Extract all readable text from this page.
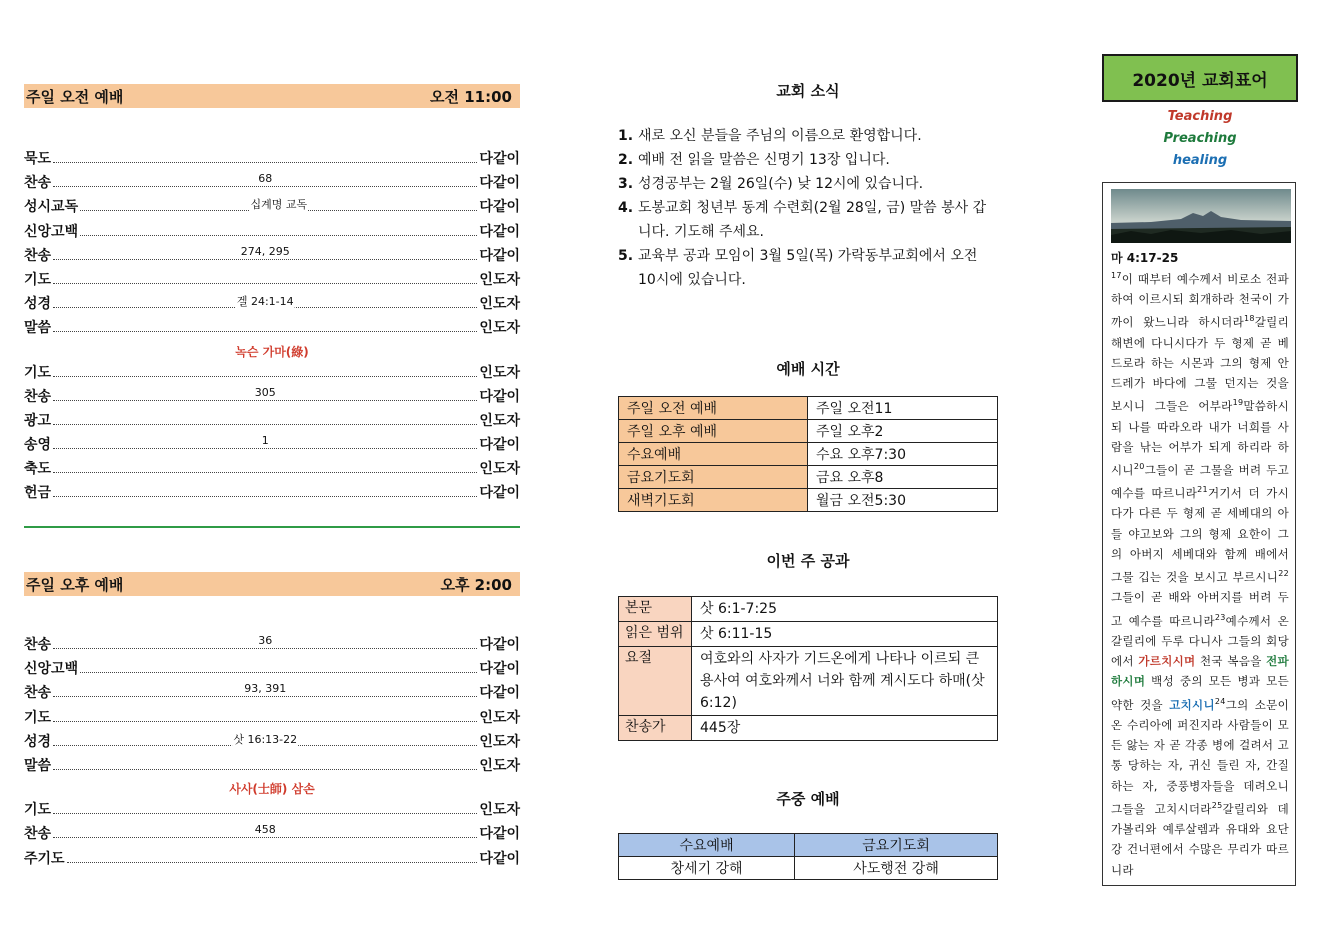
주일 오전 예배	오전 11:00
묵도	다같이
찬송	68	다같이
성시교독	십계명 교독	다같이
신앙고백	다같이
찬송	274, 295	다같이
기도	인도자
성경	겔 24:1-14	인도자
말씀	인도자
녹슨 가마(綠)
기도	인도자
찬송	305	다같이
광고	인도자
송영	1	다같이
축도	인도자
헌금	다같이
주일 오후 예배	오후 2:00
찬송	36	다같이
신앙고백	다같이
찬송	93, 391	다같이
기도	인도자
성경	삿 16:13-22	인도자
말씀	인도자
사사(士師) 삼손
기도	인도자
찬송	458	다같이
주기도	다같이
교회 소식
1. 새로 오신 분들을 주님의 이름으로 환영합니다.
2. 예배 전 읽을 말씀은 신명기 13장 입니다.
3. 성경공부는 2월 26일(수) 낮 12시에 있습니다.
4. 도봉교회 청년부 동계 수련회(2월 28일, 금) 말씀 봉사 갑니다. 기도해 주세요.
5. 교육부 공과 모임이 3월 5일(목) 가락동부교회에서 오전 10시에 있습니다.
예배 시간
주일 오전 예배	주일 오전11
주일 오후 예배	주일 오후2
수요예배	수요 오후7:30
금요기도회	금요 오후8
새벽기도회	월금 오전5:30
이번 주 공과
본문	삿 6:1-7:25
읽은 범위	삿 6:11-15
요절	여호와의 사자가 기드온에게 나타나 이르되 큰 용사여 여호와께서 너와 함께 계시도다 하매(삿 6:12)
찬송가	445장
주중 예배
수요예배	금요기도회
창세기 강해	사도행전 강해
2020년 교회표어
Teaching
Preaching
healing
마 4:17-25
$^{17}$이 때부터 예수께서 비로소 전파하여 이르시되 회개하라 천국이 가까이 왔느니라 하시더라$^{18}$갈릴리 해변에 다니시다가 두 형제 곧 베드로라 하는 시몬과 그의 형제 안드레가 바다에 그물 던지는 것을 보시니 그들은 어부라$^{19}$말씀하시되 나를 따라오라 내가 너희를 사람을 낚는 어부가 되게 하리라 하시니$^{20}$그들이 곧 그물을 버려 두고 예수를 따르니라$^{21}$거기서 더 가시다가 다른 두 형제 곧 세베대의 아들 야고보와 그의 형제 요한이 그의 아버지 세베대와 함께 배에서 그물 깁는 것을 보시고 부르시니$^{22}$그들이 곧 배와 아버지를 버려 두고 예수를 따르니라$^{23}$예수께서 온 갈릴리에 두루 다니사 그들의 회당에서 가르치시며 천국 복음을 전파하시며 백성 중의 모든 병과 모든 약한 것을 고치시니$^{24}$그의 소문이 온 수리아에 퍼진지라 사람들이 모든 앓는 자 곧 각종 병에 걸려서 고통 당하는 자, 귀신 들린 자, 간질하는 자, 중풍병자들을 데려오니 그들을 고치시더라$^{25}$갈릴리와 데가볼리와 예루살렘과 유대와 요단 강 건너편에서 수많은 무리가 따르니라
